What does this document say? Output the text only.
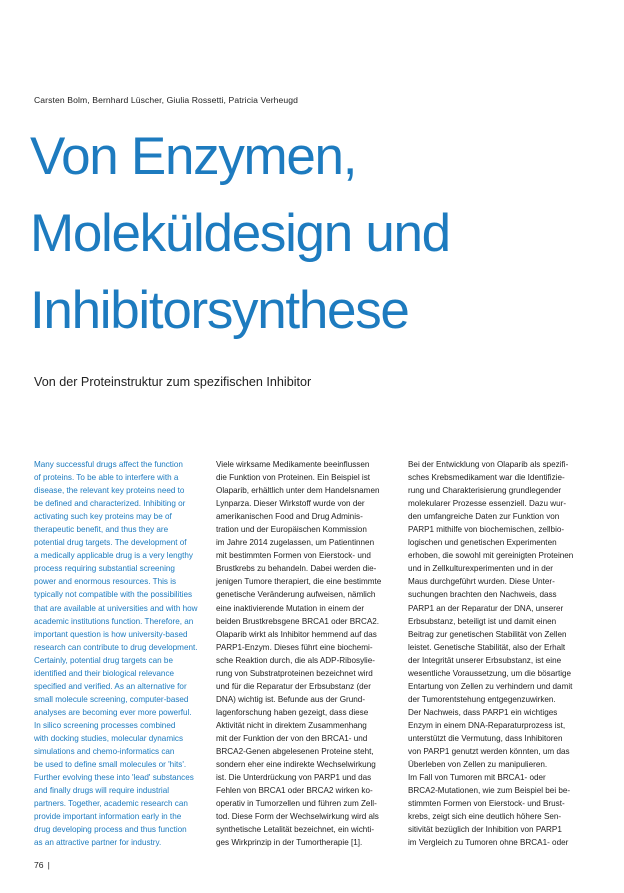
Carsten Bolm, Bernhard Lüscher, Giulia Rossetti, Patricia Verheugd
Von Enzymen,
Moleküldesign und
Inhibitorsynthese
Von der Proteinstruktur zum spezifischen Inhibitor

Many successful drugs affect the function

of proteins. To be able to interfere with a

disease, the relevant key proteins need to

be defined and characterized. Inhibiting or

activating such key proteins may be of

therapeutic benefit, and thus they are

potential drug targets. The development of

a medically applicable drug is a very lengthy

process requiring substantial screening

power and enormous resources. This is

typically not compatible with the possibilities

that are available at universities and with how

academic institutions function. Therefore, an

important question is how university-based

research can contribute to drug development.

Certainly, potential drug targets can be

identified and their biological relevance

specified and verified. As an alternative for

small molecule screening, computer-based

analyses are becoming ever more powerful.

In silico screening processes combined

with docking studies, molecular dynamics

simulations and chemo-informatics can

be used to define small molecules or 'hits'.

Further evolving these into 'lead' substances

and finally drugs will require industrial

partners. Together, academic research can

provide important information early in the

drug developing process and thus function

as an attractive partner for industry.

Viele wirksame Medikamente beeinflussen

die Funktion von Proteinen. Ein Beispiel ist

Olaparib, erhältlich unter dem Handelsnamen

Lynparza. Dieser Wirkstoff wurde von der

amerikanischen Food and Drug Adminis-

tration und der Europäischen Kommission

im Jahre 2014 zugelassen, um Patientinnen

mit bestimmten Formen von Eierstock- und

Brustkrebs zu behandeln. Dabei werden die-

jenigen Tumore therapiert, die eine bestimmte

genetische Veränderung aufweisen, nämlich

eine inaktivierende Mutation in einem der

beiden Brustkrebsgene BRCA1 oder BRCA2.

Olaparib wirkt als Inhibitor hemmend auf das

PARP1-Enzym. Dieses führt eine biochemi-

sche Reaktion durch, die als ADP-Ribosylie-

rung von Substratproteinen bezeichnet wird

und für die Reparatur der Erbsubstanz (der

DNA) wichtig ist. Befunde aus der Grund-

lagenforschung haben gezeigt, dass diese

Aktivität nicht in direktem Zusammenhang

mit der Funktion der von den BRCA1- und

BRCA2-Genen abgelesenen Proteine steht,

sondern eher eine indirekte Wechselwirkung

ist. Die Unterdrückung von PARP1 und das

Fehlen von BRCA1 oder BRCA2 wirken ko-

operativ in Tumorzellen und führen zum Zell-

tod. Diese Form der Wechselwirkung wird als

synthetische Letalität bezeichnet, ein wichti-

ges Wirkprinzip in der Tumortherapie [1].

Bei der Entwicklung von Olaparib als spezifi-

sches Krebsmedikament war die Identifizie-

rung und Charakterisierung grundlegender

molekularer Prozesse essenziell. Dazu wur-

den umfangreiche Daten zur Funktion von

PARP1 mithilfe von biochemischen, zellbio-

logischen und genetischen Experimenten

erhoben, die sowohl mit gereinigten Proteinen

und in Zellkulturexperimenten und in der

Maus durchgeführt wurden. Diese Unter-

suchungen brachten den Nachweis, dass

PARP1 an der Reparatur der DNA, unserer

Erbsubstanz, beteiligt ist und damit einen

Beitrag zur genetischen Stabilität von Zellen

leistet. Genetische Stabilität, also der Erhalt

der Integrität unserer Erbsubstanz, ist eine

wesentliche Voraussetzung, um die bösartige

Entartung von Zellen zu verhindern und damit

der Tumorentstehung entgegenzuwirken.

Der Nachweis, dass PARP1 ein wichtiges

Enzym in einem DNA-Reparaturprozess ist,

unterstützt die Vermutung, dass Inhibitoren

von PARP1 genutzt werden könnten, um das

Überleben von Zellen zu manipulieren.

Im Fall von Tumoren mit BRCA1- oder

BRCA2-Mutationen, wie zum Beispiel bei be-

stimmten Formen von Eierstock- und Brust-

krebs, zeigt sich eine deutlich höhere Sen-

sitivität bezüglich der Inhibition von PARP1

im Vergleich zu Tumoren ohne BRCA1- oder

76 |
